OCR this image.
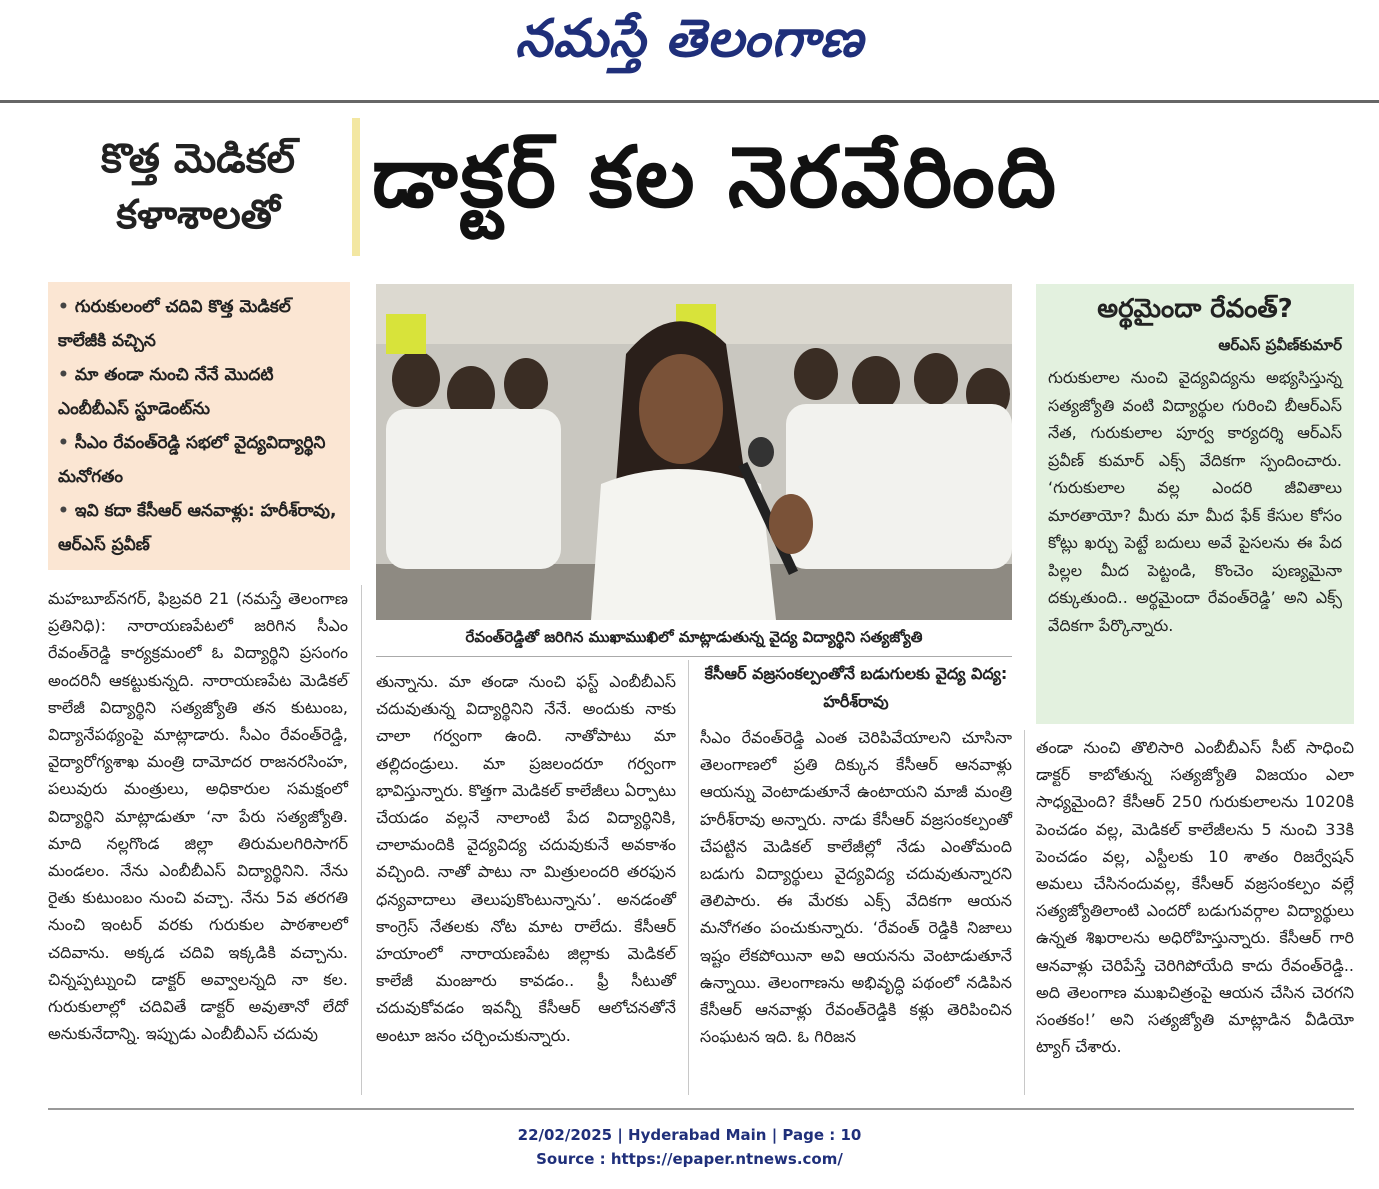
నమస్తే తెలంగాణ
కొత్త మెడికల్ కళాశాలతో	డాక్టర్ కల నెరవేరింది
• గురుకులంలో చదివి కొత్త మెడికల్ కాలేజీకి వచ్చిన
• మా తండా నుంచి నేనే మొదటి ఎంబీబీఎస్ స్టూడెంట్‌ను
• సీఎం రేవంత్‌రెడ్డి సభలో వైద్యవిద్యార్థిని మనోగతం
• ఇవి కదా కేసీఆర్ ఆనవాళ్లు: హరీశ్‌రావు, ఆర్ఎస్ ప్రవీణ్
రేవంత్‌రెడ్డితో జరిగిన ముఖాముఖిలో మాట్లాడుతున్న వైద్య విద్యార్థిని సత్యజ్యోతి
అర్థమైందా రేవంత్?
ఆర్ఎస్ ప్రవీణ్‌కుమార్
గురుకులాల నుంచి వైద్యవిద్యను అభ్యసిస్తున్న సత్యజ్యోతి వంటి విద్యార్థుల గురించి బీఆర్ఎస్ నేత, గురుకులాల పూర్వ కార్యదర్శి ఆర్ఎస్ ప్రవీణ్ కుమార్ ఎక్స్ వేదికగా స్పందించారు. ‘గురుకులాల వల్ల ఎందరి జీవితాలు మారతాయో? మీరు మా మీద ఫేక్ కేసుల కోసం కోట్లు ఖర్చు పెట్టే బదులు అవే పైసలను ఈ పేద పిల్లల మీద పెట్టండి, కొంచెం పుణ్యమైనా దక్కుతుంది.. అర్థమైందా రేవంత్‌రెడ్డి’ అని ఎక్స్ వేదికగా పేర్కొన్నారు.

మహబూబ్‌నగర్, ఫిబ్రవరి 21 (నమస్తే తెలంగాణ ప్రతినిధి): నారాయణపేటలో జరిగిన సీఎం రేవంత్‌రెడ్డి కార్యక్రమంలో ఓ విద్యార్థిని ప్రసంగం అందరినీ ఆకట్టుకున్నది. నారాయణపేట మెడికల్ కాలేజీ విద్యార్థిని సత్యజ్యోతి తన కుటుంబ, విద్యానేపథ్యంపై మాట్లాడారు. సీఎం రేవంత్‌రెడ్డి, వైద్యారోగ్యశాఖ మంత్రి దామోదర రాజనరసింహ, పలువురు మంత్రులు, అధికారుల సమక్షంలో విద్యార్థిని మాట్లాడుతూ ‘నా పేరు సత్యజ్యోతి. మాది నల్లగొండ జిల్లా తిరుమలగిరిసాగర్ మండలం. నేను ఎంబీబీఎస్ విద్యార్థినిని. నేను రైతు కుటుంబం నుంచి వచ్చా. నేను 5వ తరగతి నుంచి ఇంటర్ వరకు గురుకుల పాఠశాలలో చదివాను. అక్కడ చదివి ఇక్కడికి వచ్చాను. చిన్నప్పట్నుంచి డాక్టర్ అవ్వాలన్నది నా కల. గురుకులాల్లో చదివితే డాక్టర్ అవుతానో లేదో అనుకునేదాన్ని. ఇప్పుడు ఎంబీబీఎస్ చదువు

తున్నాను. మా తండా నుంచి ఫస్ట్ ఎంబీబీఎస్ చదువుతున్న విద్యార్థినిని నేనే. అందుకు నాకు చాలా గర్వంగా ఉంది. నాతోపాటు మా తల్లిదండ్రులు. మా ప్రజలందరూ గర్వంగా భావిస్తున్నారు. కొత్తగా మెడికల్ కాలేజీలు ఏర్పాటు చేయడం వల్లనే నాలాంటి పేద విద్యార్థినికి, చాలామందికి వైద్యవిద్య చదువుకునే అవకాశం వచ్చింది. నాతో పాటు నా మిత్రులందరి తరఫున ధన్యవాదాలు తెలుపుకొంటున్నాను’. అనడంతో కాంగ్రెస్ నేతలకు నోట మాట రాలేదు. కేసీఆర్ హయాంలో నారాయణపేట జిల్లాకు మెడికల్ కాలేజీ మంజూరు కావడం.. ఫ్రీ సీటుతో చదువుకోవడం ఇవన్నీ కేసీఆర్ ఆలోచనతోనే అంటూ జనం చర్చించుకున్నారు.

కేసీఆర్ వజ్రసంకల్పంతోనే బడుగులకు వైద్య విద్య: హరీశ్‌రావు

సీఎం రేవంత్‌రెడ్డి ఎంత చెరిపివేయాలని చూసినా తెలంగాణలో ప్రతి దిక్కున కేసీఆర్ ఆనవాళ్లు ఆయన్ను వెంటాడుతూనే ఉంటాయని మాజీ మంత్రి హరీశ్‌రావు అన్నారు. నాడు కేసీఆర్ వజ్రసంకల్పంతో చేపట్టిన మెడికల్ కాలేజీల్లో నేడు ఎంతోమంది బడుగు విద్యార్థులు వైద్యవిద్య చదువుతున్నారని తెలిపారు. ఈ మేరకు ఎక్స్ వేదికగా ఆయన మనోగతం పంచుకున్నారు. ‘రేవంత్ రెడ్డికి నిజాలు ఇష్టం లేకపోయినా అవి ఆయనను వెంటాడుతూనే ఉన్నాయి. తెలంగాణను అభివృద్ధి పథంలో నడిపిన కేసీఆర్ ఆనవాళ్లు రేవంత్‌రెడ్డికి కళ్లు తెరిపించిన సంఘటన ఇది. ఓ గిరిజన

తండా నుంచి తొలిసారి ఎంబీబీఎస్ సీట్ సాధించి డాక్టర్ కాబోతున్న సత్యజ్యోతి విజయం ఎలా సాధ్యమైంది? కేసీఆర్ 250 గురుకులాలను 1020కి పెంచడం వల్ల, మెడికల్ కాలేజీలను 5 నుంచి 33కి పెంచడం వల్ల, ఎస్టీలకు 10 శాతం రిజర్వేషన్ అమలు చేసినందువల్ల, కేసీఆర్ వజ్రసంకల్పం వల్లే సత్యజ్యోతిలాంటి ఎందరో బడుగువర్గాల విద్యార్థులు ఉన్నత శిఖరాలను అధిరోహిస్తున్నారు. కేసీఆర్ గారి ఆనవాళ్లు చెరిపేస్తే చెరిగిపోయేది కాదు రేవంత్‌రెడ్డి.. అది తెలంగాణ ముఖచిత్రంపై ఆయన చేసిన చెరగని సంతకం!’ అని సత్యజ్యోతి మాట్లాడిన వీడియో ట్యాగ్ చేశారు.

22/02/2025 | Hyderabad Main | Page : 10
Source : https://epaper.ntnews.com/
